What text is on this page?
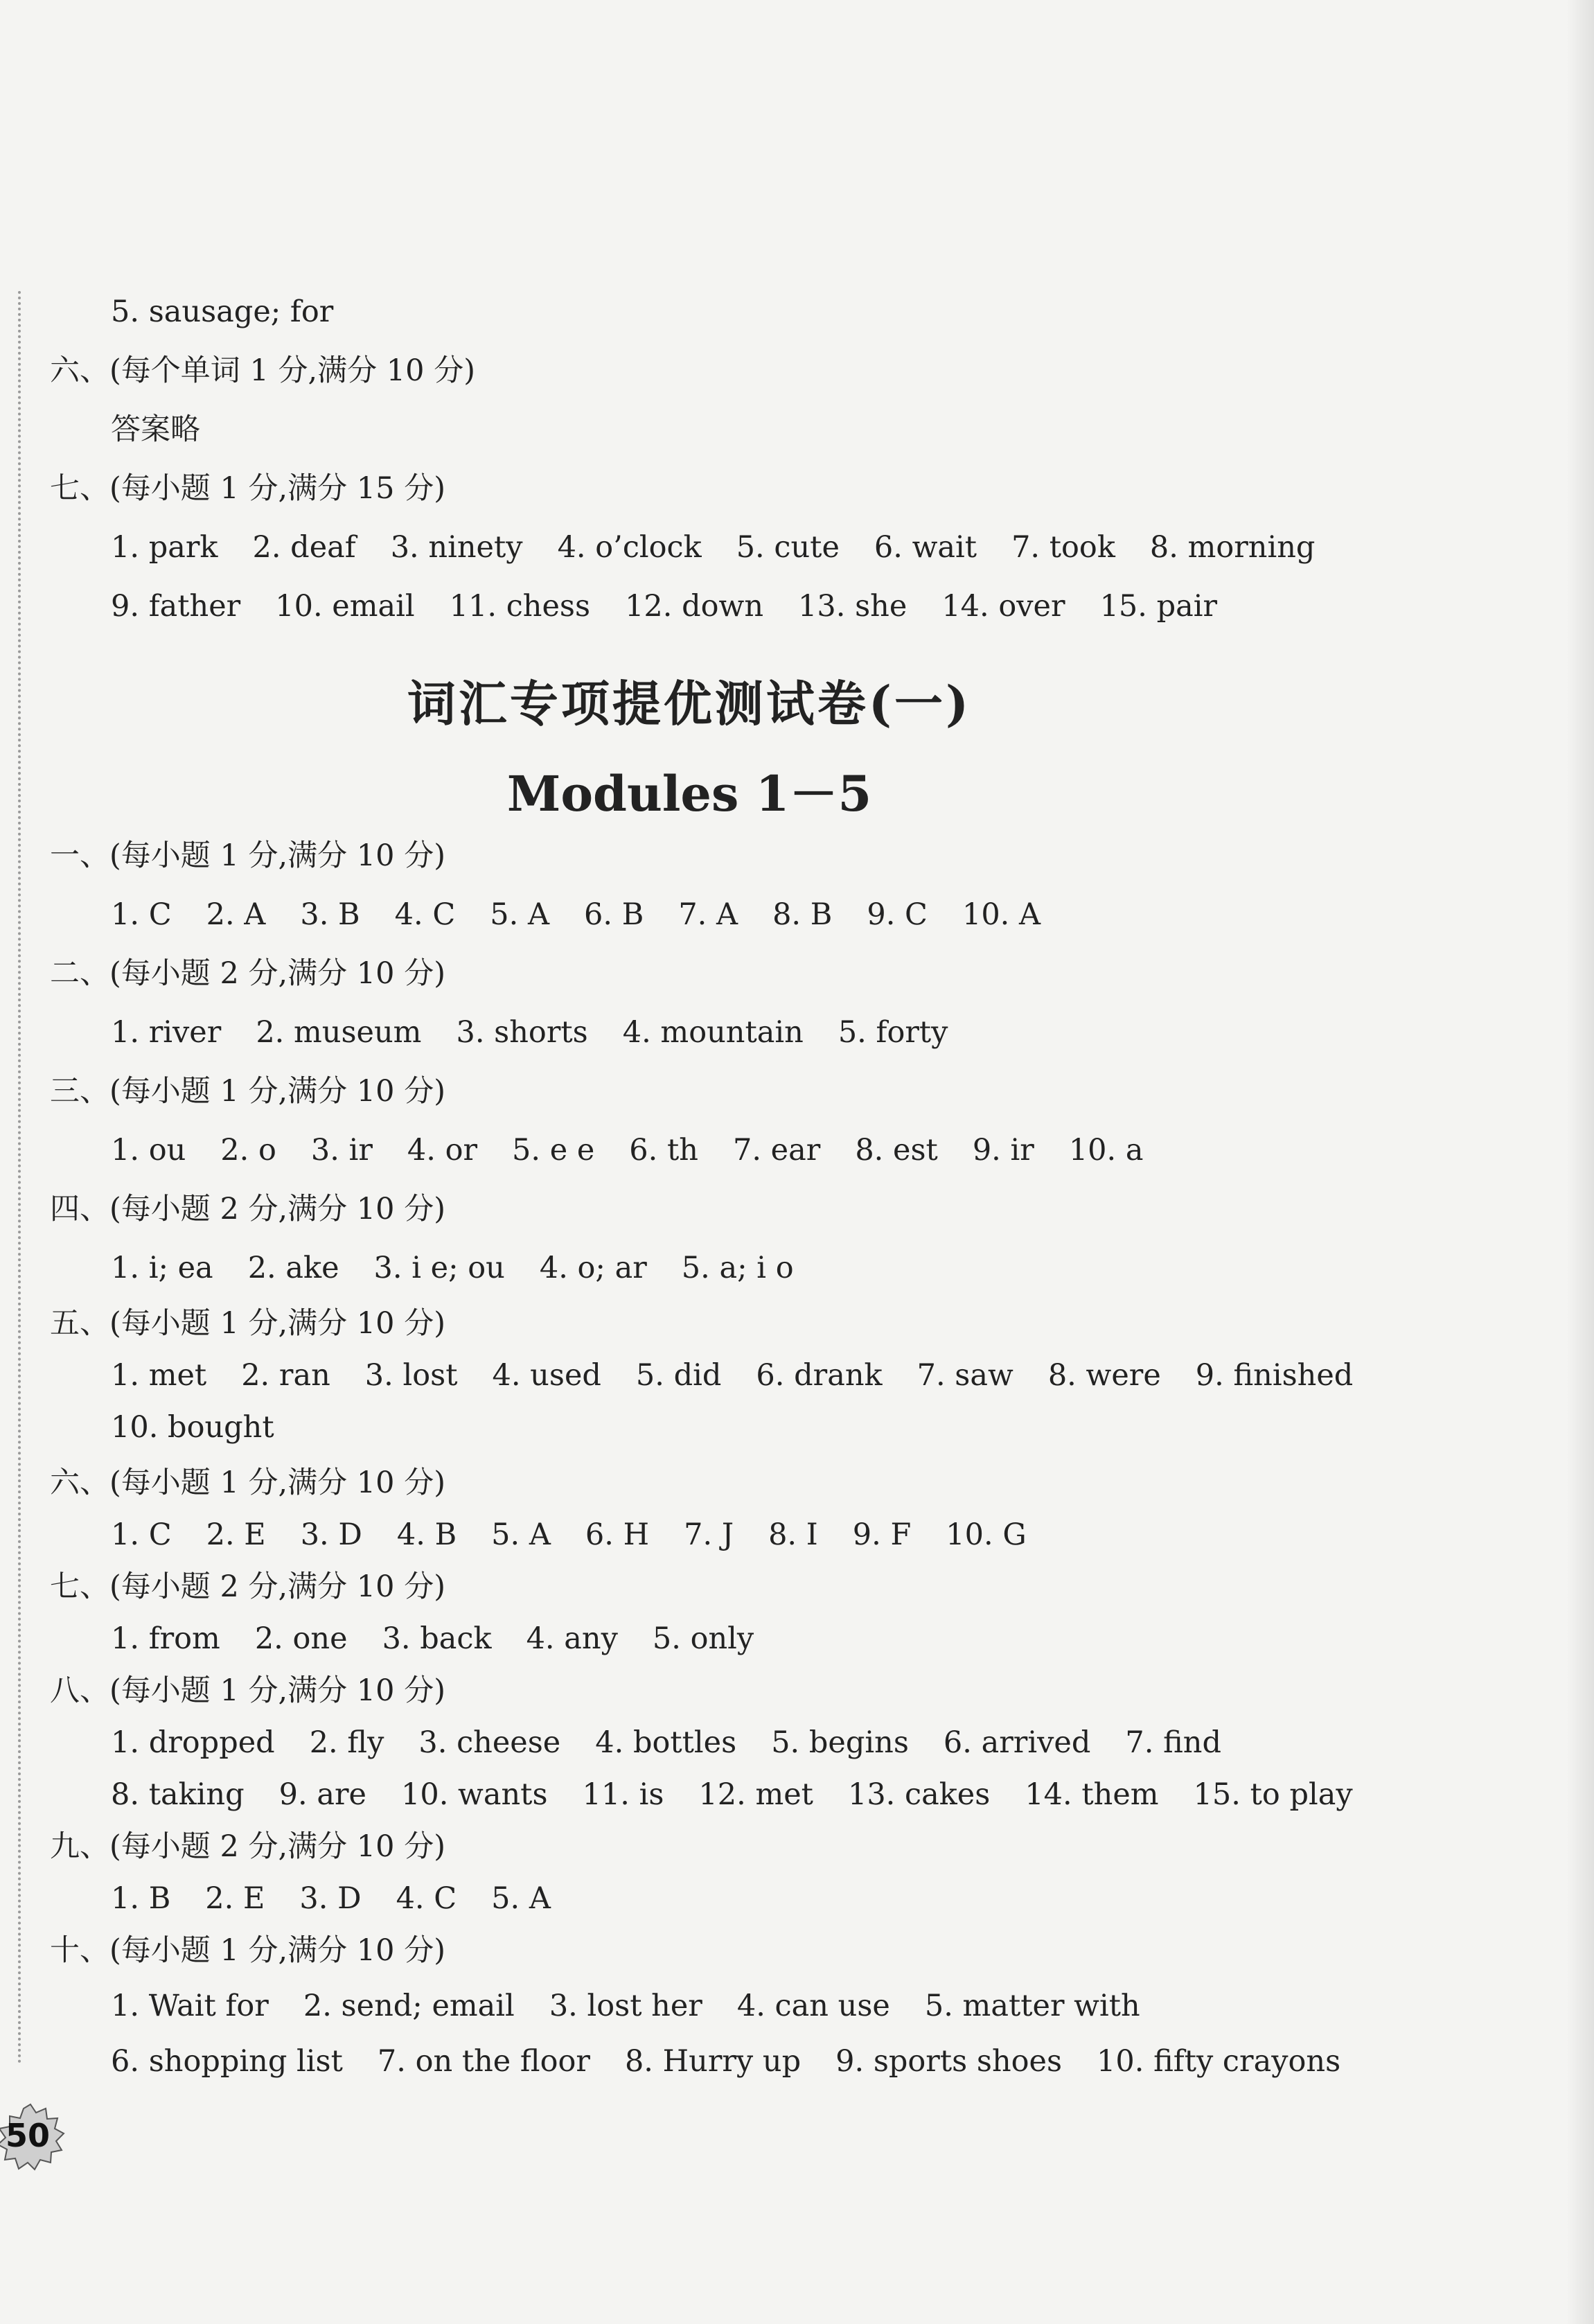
5. sausage; for
六、(每个单词 1 分,满分 10 分)
答案略
七、(每小题 1 分,满分 15 分)
1. park 2. deaf 3. ninety 4. o’clock 5. cute 6. wait 7. took 8. morning
9. father 10. email 11. chess 12. down 13. she 14. over 15. pair
词汇专项提优测试卷(一)
Modules 1－5
一、(每小题 1 分,满分 10 分)
1. C 2. A 3. B 4. C 5. A 6. B 7. A 8. B 9. C 10. A
二、(每小题 2 分,满分 10 分)
1. river 2. museum 3. shorts 4. mountain 5. forty
三、(每小题 1 分,满分 10 分)
1. ou 2. o 3. ir 4. or 5. e e 6. th 7. ear 8. est 9. ir 10. a
四、(每小题 2 分,满分 10 分)
1. i; ea 2. ake 3. i e; ou 4. o; ar 5. a; i o
五、(每小题 1 分,满分 10 分)
1. met 2. ran 3. lost 4. used 5. did 6. drank 7. saw 8. were 9. finished
10. bought
六、(每小题 1 分,满分 10 分)
1. C 2. E 3. D 4. B 5. A 6. H 7. J 8. I 9. F 10. G
七、(每小题 2 分,满分 10 分)
1. from 2. one 3. back 4. any 5. only
八、(每小题 1 分,满分 10 分)
1. dropped 2. fly 3. cheese 4. bottles 5. begins 6. arrived 7. find
8. taking 9. are 10. wants 11. is 12. met 13. cakes 14. them 15. to play
九、(每小题 2 分,满分 10 分)
1. B 2. E 3. D 4. C 5. A
十、(每小题 1 分,满分 10 分)
1. Wait for 2. send; email 3. lost her 4. can use 5. matter with
6. shopping list 7. on the floor 8. Hurry up 9. sports shoes 10. fifty crayons
50
